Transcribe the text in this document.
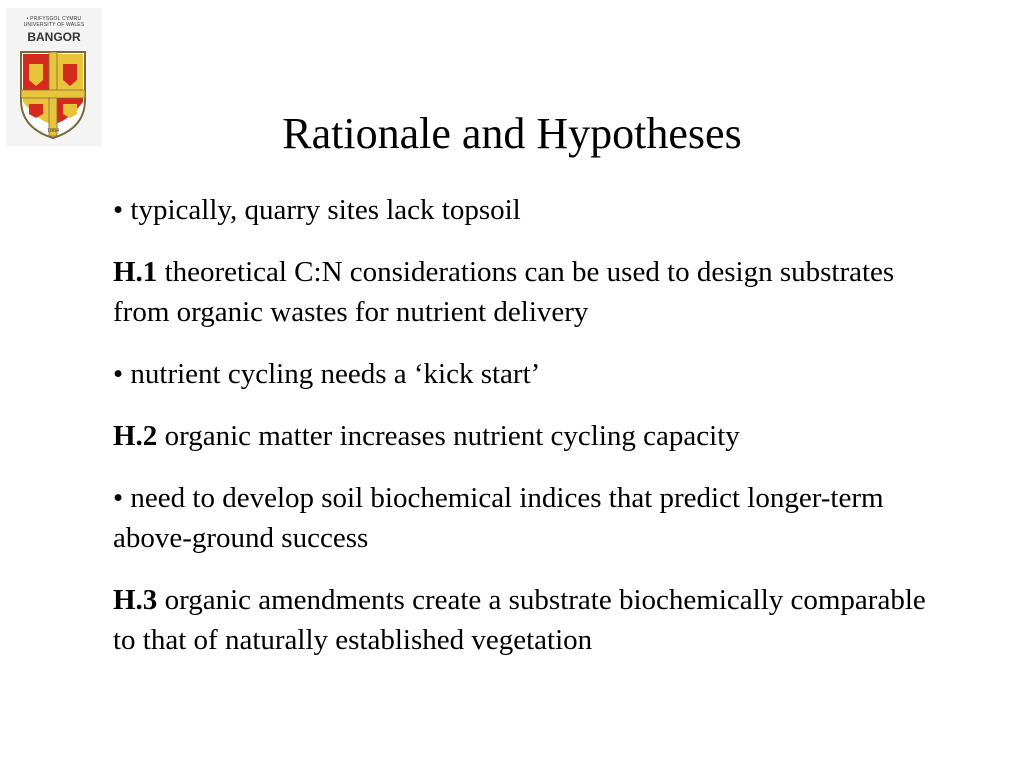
• PRIFYSGOL CYMRU
UNIVERSITY OF WALES
BANGOR
1884	Rationale and Hypotheses

• typically, quarry sites lack topsoil

H.1 theoretical C:N considerations can be used to design substrates from organic wastes for nutrient delivery

• nutrient cycling needs a ‘kick start’

H.2 organic matter increases nutrient cycling capacity

• need to develop soil biochemical indices that predict longer-term above-ground success

H.3 organic amendments create a substrate biochemically comparable to that of naturally established vegetation
